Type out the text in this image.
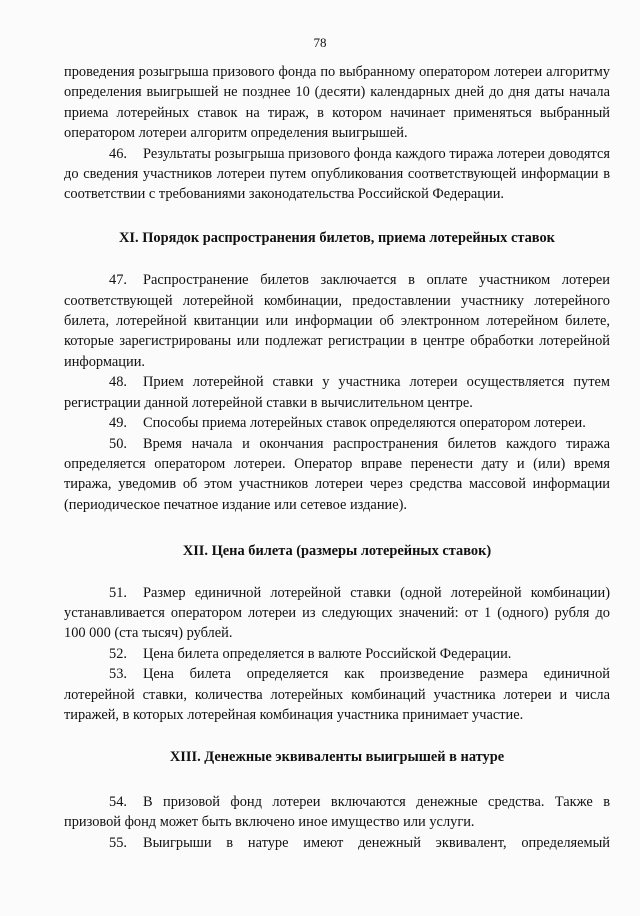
78

проведения розыгрыша призового фонда по выбранному оператором лотереи алгоритму определения выигрышей не позднее 10 (десяти) календарных дней до дня даты начала приема лотерейных ставок на тираж, в котором начинает применяться выбранный оператором лотереи алгоритм определения выигрышей.

46. Результаты розыгрыша призового фонда каждого тиража лотереи доводятся до сведения участников лотереи путем опубликования соответствующей информации в соответствии с требованиями законодательства Российской Федерации.

XI. Порядок распространения билетов, приема лотерейных ставок

47. Распространение билетов заключается в оплате участником лотереи соответствующей лотерейной комбинации, предоставлении участнику лотерейного билета, лотерейной квитанции или информации об электронном лотерейном билете, которые зарегистрированы или подлежат регистрации в центре обработки лотерейной информации.

48. Прием лотерейной ставки у участника лотереи осуществляется путем регистрации данной лотерейной ставки в вычислительном центре.

49. Способы приема лотерейных ставок определяются оператором лотереи.

50. Время начала и окончания распространения билетов каждого тиража определяется оператором лотереи. Оператор вправе перенести дату и (или) время тиража, уведомив об этом участников лотереи через средства массовой информации (периодическое печатное издание или сетевое издание).

XII. Цена билета (размеры лотерейных ставок)

51. Размер единичной лотерейной ставки (одной лотерейной комбинации) устанавливается оператором лотереи из следующих значений: от 1 (одного) рубля до 100 000 (ста тысяч) рублей.

52. Цена билета определяется в валюте Российской Федерации.

53. Цена билета определяется как произведение размера единичной лотерейной ставки, количества лотерейных комбинаций участника лотереи и числа тиражей, в которых лотерейная комбинация участника принимает участие.

XIII. Денежные эквиваленты выигрышей в натуре

54. В призовой фонд лотереи включаются денежные средства. Также в призовой фонд может быть включено иное имущество или услуги.

55. Выигрыши в натуре имеют денежный эквивалент, определяемый
